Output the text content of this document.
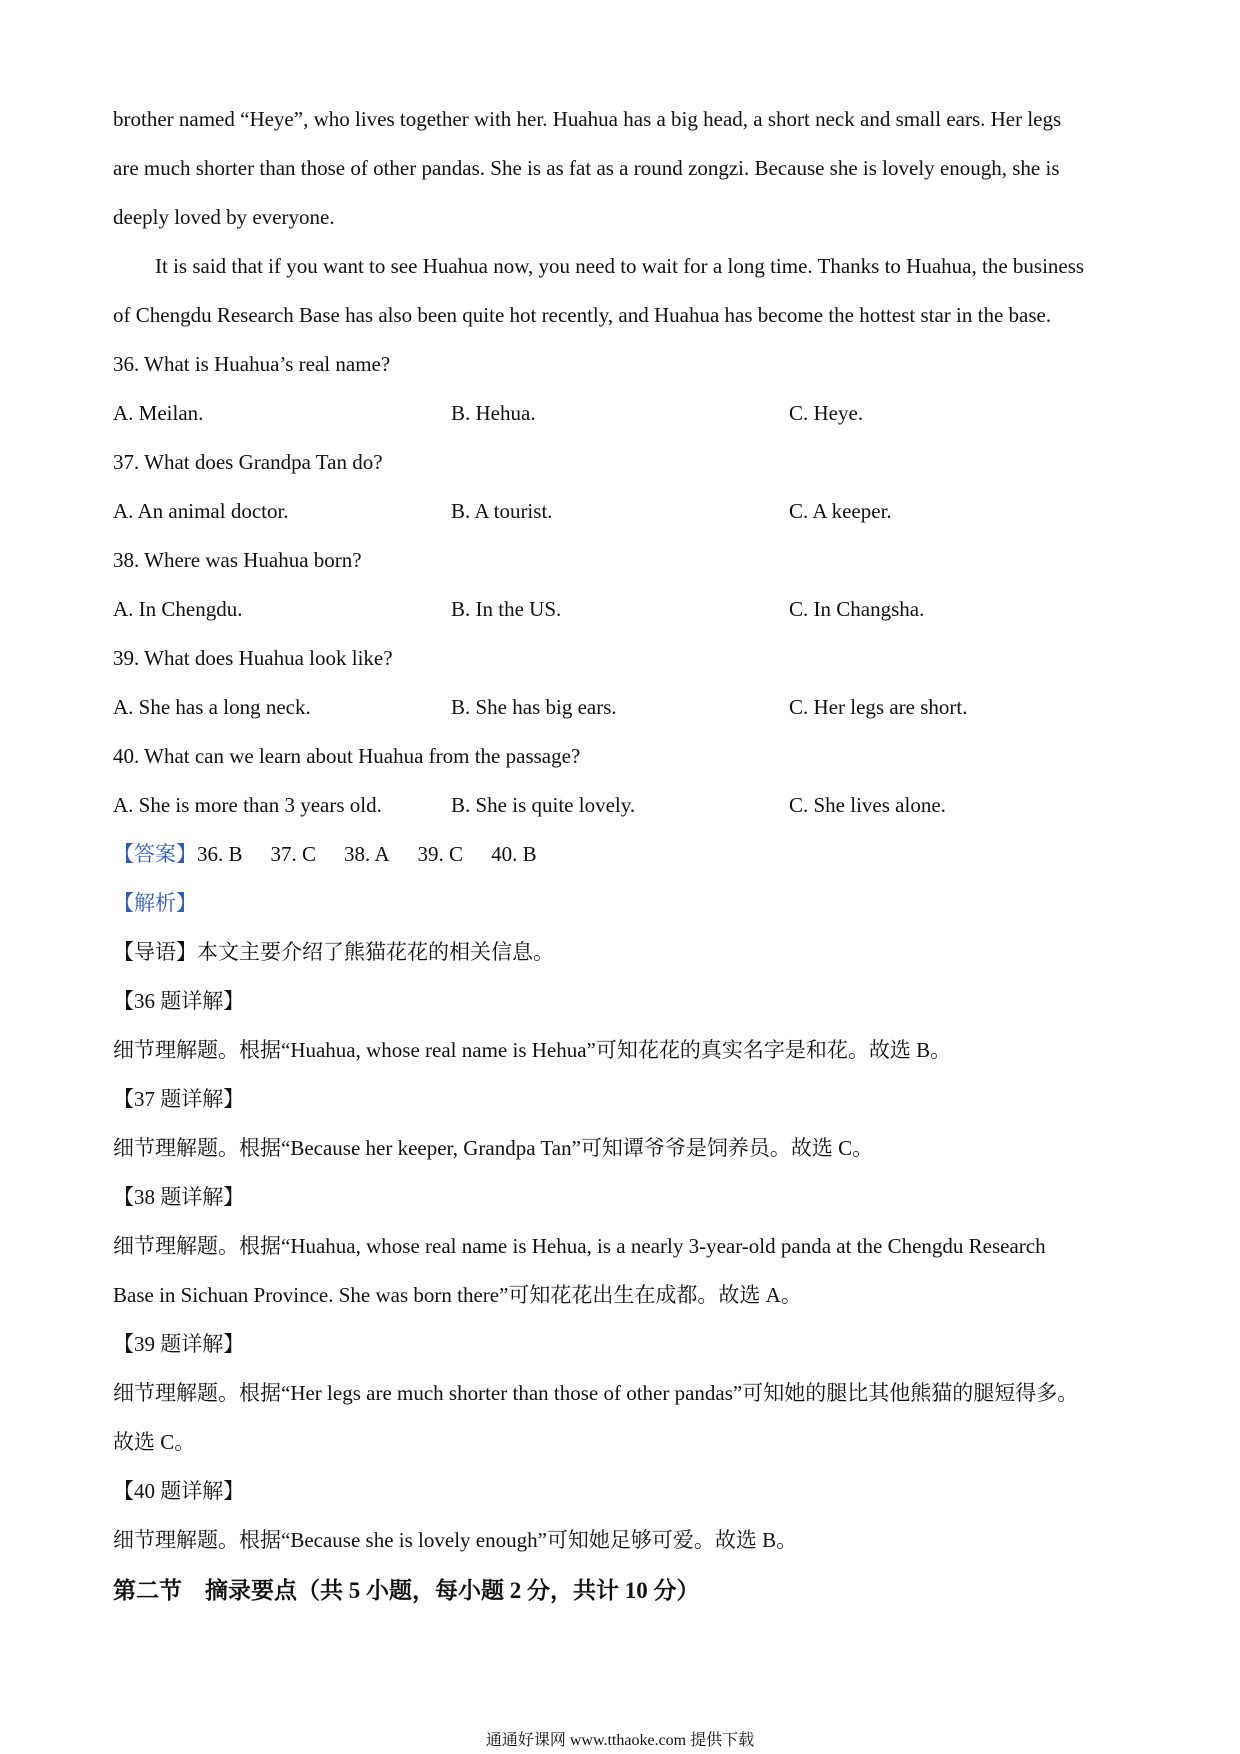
brother named “Heye”, who lives together with her. Huahua has a big head, a short neck and small ears. Her legs
are much shorter than those of other pandas. She is as fat as a round zongzi. Because she is lovely enough, she is
deeply loved by everyone.
It is said that if you want to see Huahua now, you need to wait for a long time. Thanks to Huahua, the business
of Chengdu Research Base has also been quite hot recently, and Huahua has become the hottest star in the base.
36. What is Huahua’s real name?
A. Meilan.	B. Hehua.	C. Heye.
37. What does Grandpa Tan do?
A. An animal doctor.	B. A tourist.	C. A keeper.
38. Where was Huahua born?
A. In Chengdu.	B. In the US.	C. In Changsha.
39. What does Huahua look like?
A. She has a long neck.	B. She has big ears.	C. Her legs are short.
40. What can we learn about Huahua from the passage?
A. She is more than 3 years old.	B. She is quite lovely.	C. She lives alone.
【答案】36. B 37. C 38. A 39. C 40. B
【解析】
【导语】本文主要介绍了熊猫花花的相关信息。
【36 题详解】
细节理解题。根据“Huahua, whose real name is Hehua”可知花花的真实名字是和花。故选 B。
【37 题详解】
细节理解题。根据“Because her keeper, Grandpa Tan”可知谭爷爷是饲养员。故选 C。
【38 题详解】
细节理解题。根据“Huahua, whose real name is Hehua, is a nearly 3-year-old panda at the Chengdu Research
Base in Sichuan Province. She was born there”可知花花出生在成都。故选 A。
【39 题详解】
细节理解题。根据“Her legs are much shorter than those of other pandas”可知她的腿比其他熊猫的腿短得多。
故选 C。
【40 题详解】
细节理解题。根据“Because she is lovely enough”可知她足够可爱。故选 B。
第二节　摘录要点（共 5 小题，每小题 2 分，共计 10 分）
通通好课网 www.tthaoke.com 提供下载
